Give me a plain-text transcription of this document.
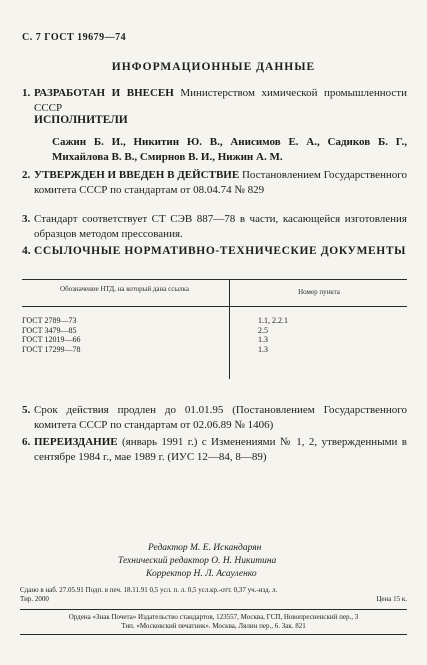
С. 7 ГОСТ 19679—74
ИНФОРМАЦИОННЫЕ ДАННЫЕ
1. РАЗРАБОТАН И ВНЕСЕН Министерством химической промышленности СССР
ИСПОЛНИТЕЛИ
Сажин Б. И., Никитин Ю. В., Анисимов Е. А., Садиков Б. Г., Михайлова В. В., Смирнов В. И., Нижин А. М.
2. УТВЕРЖДЕН И ВВЕДЕН В ДЕЙСТВИЕ Постановлением Государственного комитета СССР по стандартам от 08.04.74 № 829
3. Стандарт соответствует СТ СЭВ 887—78 в части, касающейся изготовления образцов методом прессования.
4. ССЫЛОЧНЫЕ НОРМАТИВНО-ТЕХНИЧЕСКИЕ ДОКУМЕНТЫ
Обозначение НТД, на который дана ссылка	Номер пункта
ГОСТ 2789—73
ГОСТ 3479—85
ГОСТ 12019—66
ГОСТ 17299—78
1.1, 2.2.1
2.5
1.3
1.3
5. Срок действия продлен до 01.01.95 (Постановлением Государственного комитета СССР по стандартам от 02.06.89 № 1406)
6. ПЕРЕИЗДАНИЕ (январь 1991 г.) с Изменениями № 1, 2, утвержденными в сентябре 1984 г., мае 1989 г. (ИУС 12—84, 8—89)
Редактор М. Е. Искандарян
Технический редактор О. Н. Никитина
Корректор Н. Л. Асауленко
Сдано в наб. 27.05.91 Подп. в печ. 18.11.91 0,5 усл. п. л. 0,5 усл.кр.-отт. 0,37 уч.-изд. л.
Тир. 2000	Цена 15 к.
Ордена «Знак Почета» Издательство стандартов, 123557, Москва, ГСП, Новопресненский пер., 3
Тип. «Московский печатник». Москва, Лялин пер., 6. Зак. 821
